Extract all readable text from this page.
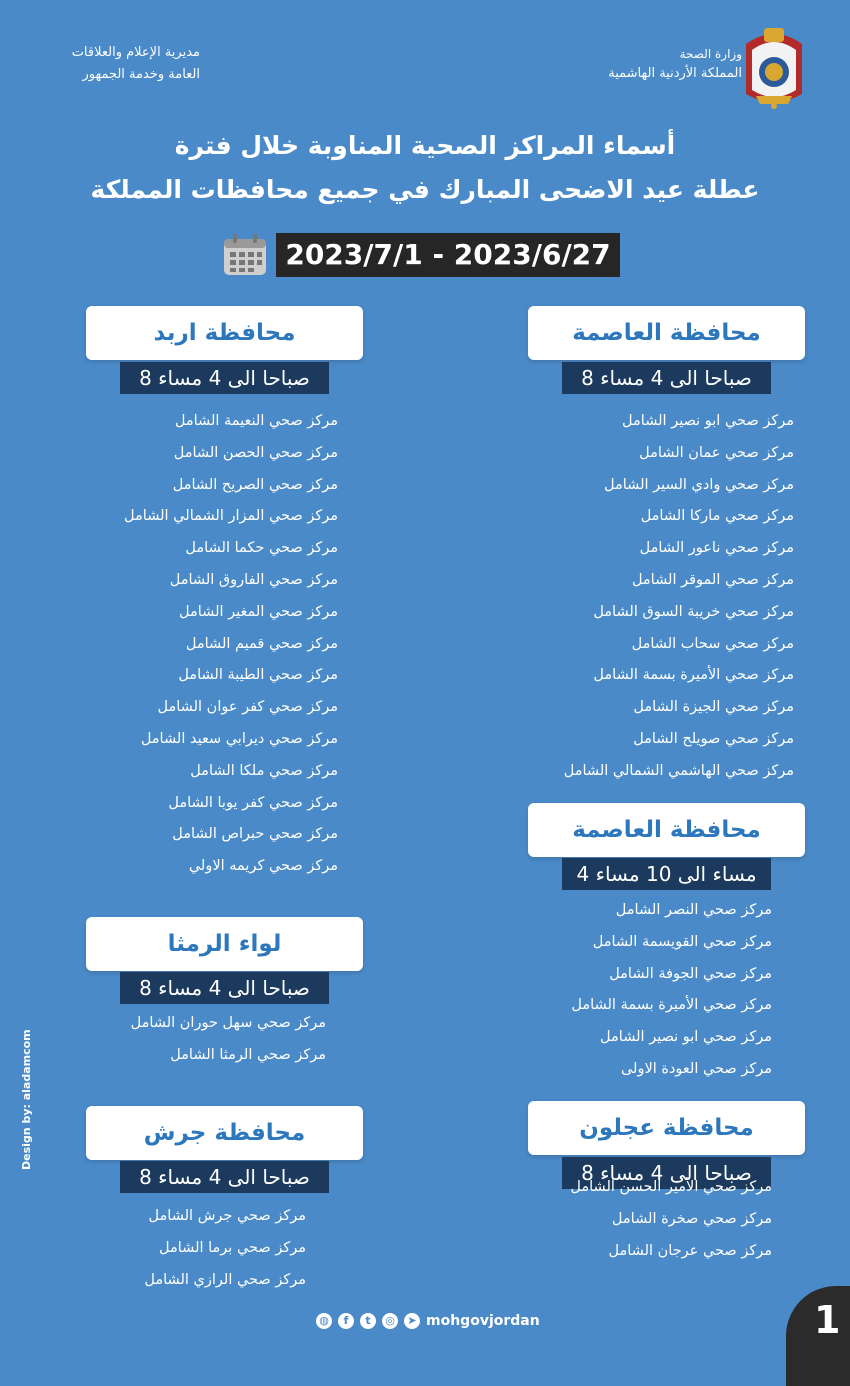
مديرية الإعلام والعلاقات
العامة وخدمة الجمهور
وزارة الصحة
المملكة الأردنية الهاشمية
أسماء المراكز الصحية المناوبة خلال فترة
عطلة عيد الاضحى المبارك في جميع محافظات المملكة
2023/7/1 - 2023/6/27
محافظة العاصمة
8 صباحا الى 4 مساء
مركز صحي ابو نصير الشامل
مركز صحي عمان الشامل
مركز صحي وادي السير الشامل
مركز صحي ماركا الشامل
مركز صحي ناعور الشامل
مركز صحي الموقر الشامل
مركز صحي خريبة السوق الشامل
مركز صحي سحاب الشامل
مركز صحي الأميرة بسمة الشامل
مركز صحي الجيزة الشامل
مركز صحي صويلح الشامل
مركز صحي الهاشمي الشمالي الشامل
محافظة العاصمة
4 مساء الى 10 مساء
مركز صحي النصر الشامل
مركز صحي القويسمة الشامل
مركز صحي الجوفة الشامل
مركز صحي الأميرة بسمة الشامل
مركز صحي ابو نصير الشامل
مركز صحي العودة الاولى
محافظة عجلون
8 صباحا الى 4 مساء
مركز صحي الأمير الحسن الشامل
مركز صحي صخرة الشامل
مركز صحي عرجان الشامل
محافظة اربد
8 صباحا الى 4 مساء
مركز صحي النعيمة الشامل
مركز صحي الحصن الشامل
مركز صحي الصريح الشامل
مركز صحي المزار الشمالي الشامل
مركز صحي حكما الشامل
مركز صحي الفاروق الشامل
مركز صحي المغير الشامل
مركز صحي قميم الشامل
مركز صحي الطيبة الشامل
مركز صحي كفر عوان الشامل
مركز صحي ديرابي سعيد الشامل
مركز صحي ملكا الشامل
مركز صحي كفر يوبا الشامل
مركز صحي حبراص الشامل
مركز صحي كريمه الاولي
لواء الرمثا
8 صباحا الى 4 مساء
مركز صحي سهل حوران الشامل
مركز صحي الرمثا الشامل
محافظة جرش
8 صباحا الى 4 مساء
مركز صحي جرش الشامل
مركز صحي برما الشامل
مركز صحي الرازي الشامل
Design by: aladamcom
◍	f	t	◎	➤ mohgovjordan	1
